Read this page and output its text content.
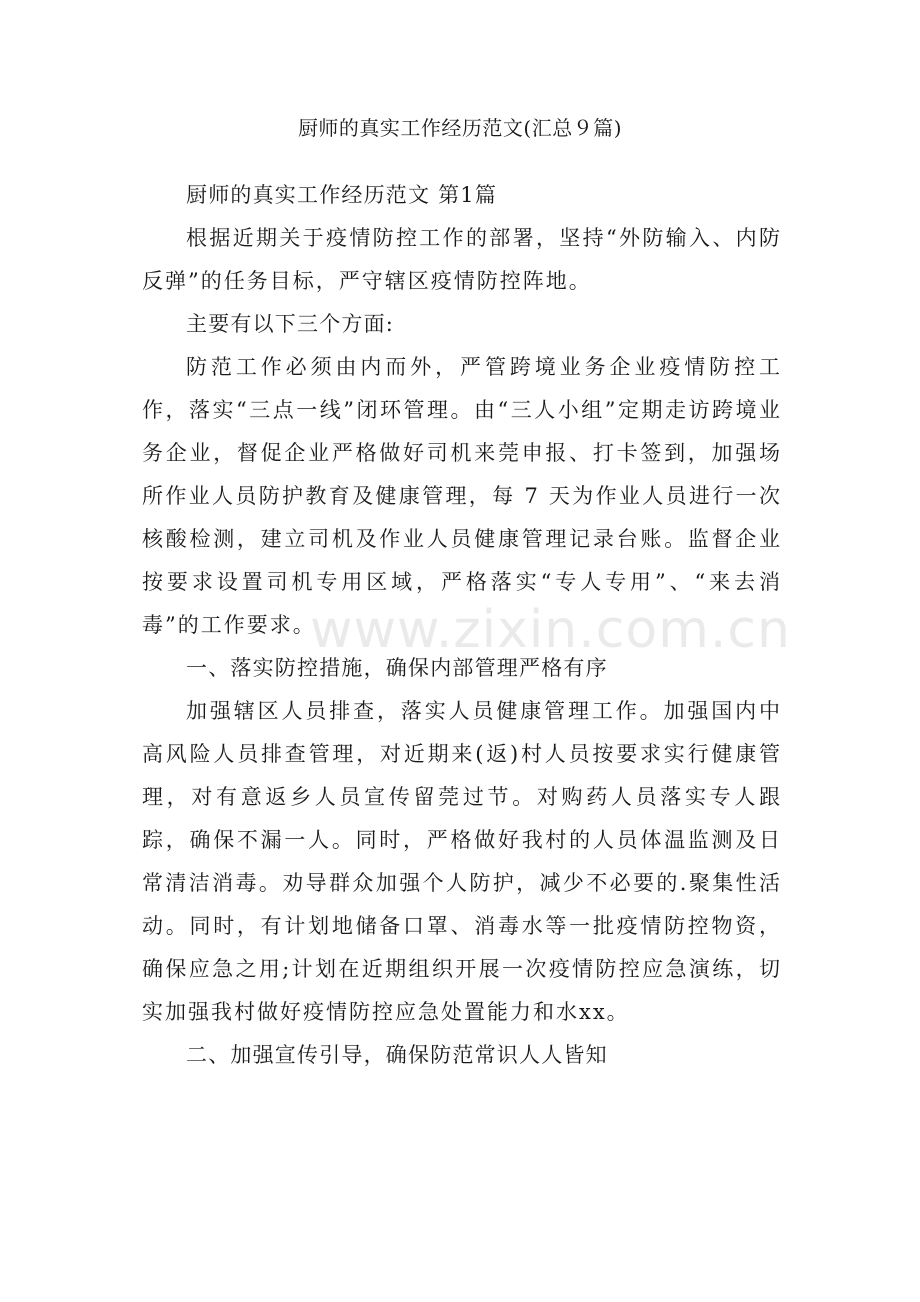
厨师的真实工作经历范文(汇总９篇)

厨师的真实工作经历范文 第1篇

根据近期关于疫情防控工作的部署，坚持“外防输入、内防反弹”的任务目标，严守辖区疫情防控阵地。

主要有以下三个方面:

防范工作必须由内而外，严管跨境业务企业疫情防控工作，落实“三点一线”闭环管理。由“三人小组”定期走访跨境业务企业，督促企业严格做好司机来莞申报、打卡签到，加强场所作业人员防护教育及健康管理，每 7 天为作业人员进行一次核酸检测，建立司机及作业人员健康管理记录台账。监督企业按要求设置司机专用区域，严格落实“专人专用”、“来去消毒”的工作要求。

一、落实防控措施，确保内部管理严格有序

加强辖区人员排查，落实人员健康管理工作。加强国内中高风险人员排查管理，对近期来(返)村人员按要求实行健康管理，对有意返乡人员宣传留莞过节。对购药人员落实专人跟踪，确保不漏一人。同时，严格做好我村的人员体温监测及日常清洁消毒。劝导群众加强个人防护，减少不必要的.聚集性活动。同时，有计划地储备口罩、消毒水等一批疫情防控物资，确保应急之用;计划在近期组织开展一次疫情防控应急演练，切实加强我村做好疫情防控应急处置能力和水xx。

二、加强宣传引导，确保防范常识人人皆知

www.zixin.com.cn
